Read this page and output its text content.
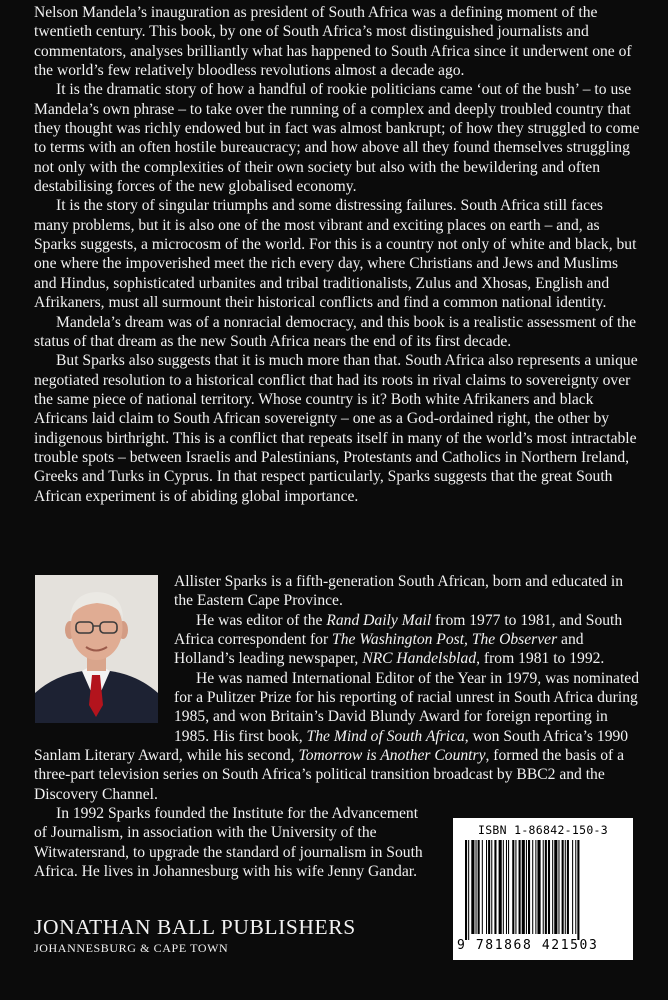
Nelson Mandela’s inauguration as president of South Africa was a defining moment of the twentieth century. This book, by one of South Africa’s most distinguished journalists and commentators, analyses brilliantly what has happened to South Africa since it underwent one of the world’s few relatively bloodless revolutions almost a decade ago.

It is the dramatic story of how a handful of rookie politicians came ‘out of the bush’ – to use Mandela’s own phrase – to take over the running of a complex and deeply troubled country that they thought was richly endowed but in fact was almost bankrupt; of how they struggled to come to terms with an often hostile bureaucracy; and how above all they found themselves struggling not only with the complexities of their own society but also with the bewildering and often destabilising forces of the new globalised economy.

It is the story of singular triumphs and some distressing failures. South Africa still faces many problems, but it is also one of the most vibrant and exciting places on earth – and, as Sparks suggests, a microcosm of the world. For this is a country not only of white and black, but one where the impoverished meet the rich every day, where Christians and Jews and Muslims and Hindus, sophisticated urbanites and tribal traditionalists, Zulus and Xhosas, English and Afrikaners, must all surmount their historical conflicts and find a common national identity.

Mandela’s dream was of a nonracial democracy, and this book is a realistic assessment of the status of that dream as the new South Africa nears the end of its first decade.

But Sparks also suggests that it is much more than that. South Africa also represents a unique negotiated resolution to a historical conflict that had its roots in rival claims to sovereignty over the same piece of national territory. Whose country is it? Both white Afrikaners and black Africans laid claim to South African sovereignty – one as a God-ordained right, the other by indigenous birthright. This is a conflict that repeats itself in many of the world’s most intractable trouble spots – between Israelis and Palestinians, Protestants and Catholics in Northern Ireland, Greeks and Turks in Cyprus. In that respect particularly, Sparks suggests that the great South African experiment is of abiding global importance.

Allister Sparks is a fifth-generation South African, born and educated in the Eastern Cape Province.

He was editor of the Rand Daily Mail from 1977 to 1981, and South Africa correspondent for The Washington Post, The Observer and Holland’s leading newspaper, NRC Handelsblad, from 1981 to 1992.

He was named International Editor of the Year in 1979, was nominated for a Pulitzer Prize for his reporting of racial unrest in South Africa during 1985, and won Britain’s David Blundy Award for foreign reporting in 1985. His first book, The Mind of South Africa, won South Africa’s 1990 Sanlam Literary Award, while his second, Tomorrow is Another Country, formed the basis of a three-part television series on South Africa’s political transition broadcast by BBC2 and the Discovery Channel.

In 1992 Sparks founded the Institute for the Advancement of Journalism, in association with the University of the Witwatersrand, to upgrade the standard of journalism in South Africa. He lives in Johannesburg with his wife Jenny Gandar.

ISBN 1-86842-150-3
9 781868 421503
JONATHAN BALL PUBLISHERS
JOHANNESBURG & CAPE TOWN
